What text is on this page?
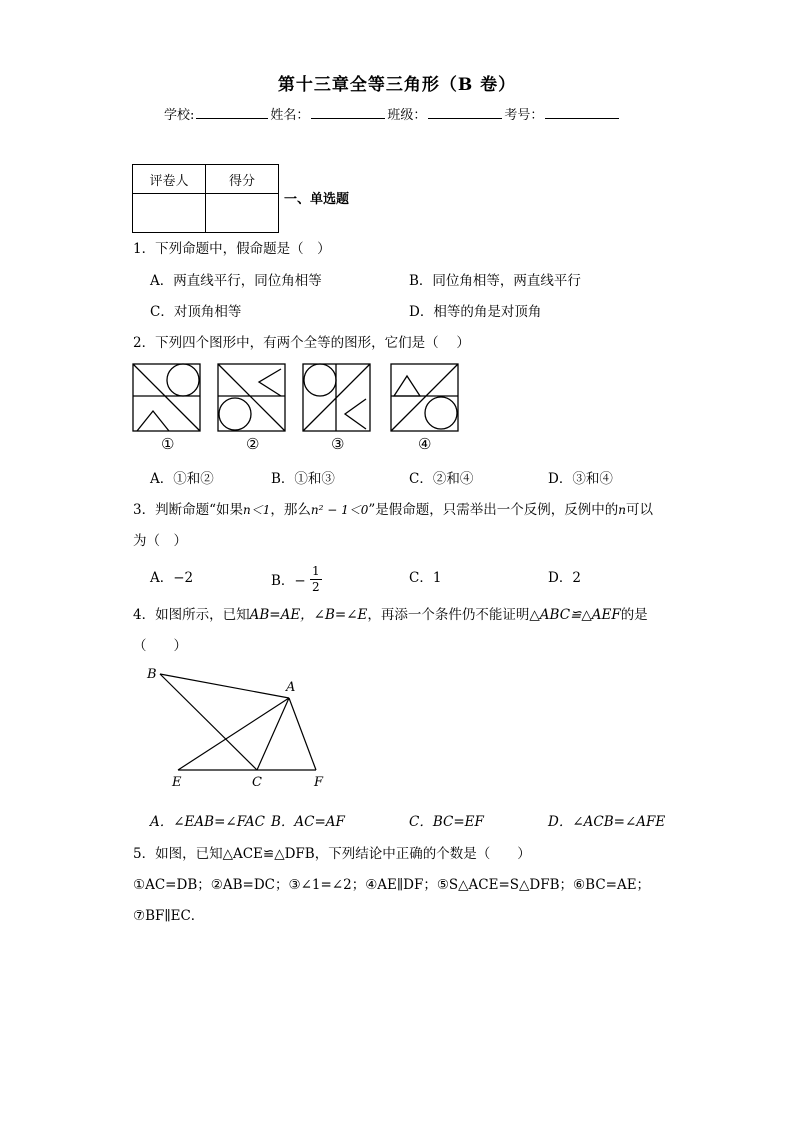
第十三章全等三角形（B 卷）
学校:	姓名：	班级：	考号：
评卷人	得分

一、单选题
1．下列命题中，假命题是（　）
A．两直线平行，同位角相等	B．同位角相等，两直线平行
C．对顶角相等	D．相等的角是对顶角
2．下列四个图形中，有两个全等的图形，它们是（　 ）
①	②	③	④
A．①和②	B．①和③	C．②和④	D．③和④
3．判断命题“如果n＜1，那么n² − 1＜0”是假命题，只需举出一个反例，反例中的n可以
为（　）
A．−2	B．− $\frac{1}{2}$	C．1	D．2
4．如图所示，已知AB=AE，∠B=∠E，再添一个条件仍不能证明△ABC≌△AEF的是
（　　）
B
A
E	C	F
A．∠EAB=∠FAC B．AC=AF	C．BC=EF	D．∠ACB=∠AFE
5．如图，已知△ACE≌△DFB，下列结论中正确的个数是（　　）
①AC=DB；②AB=DC；③∠1=∠2；④AE∥DF；⑤S△ACE=S△DFB；⑥BC=AE；
⑦BF∥EC．
